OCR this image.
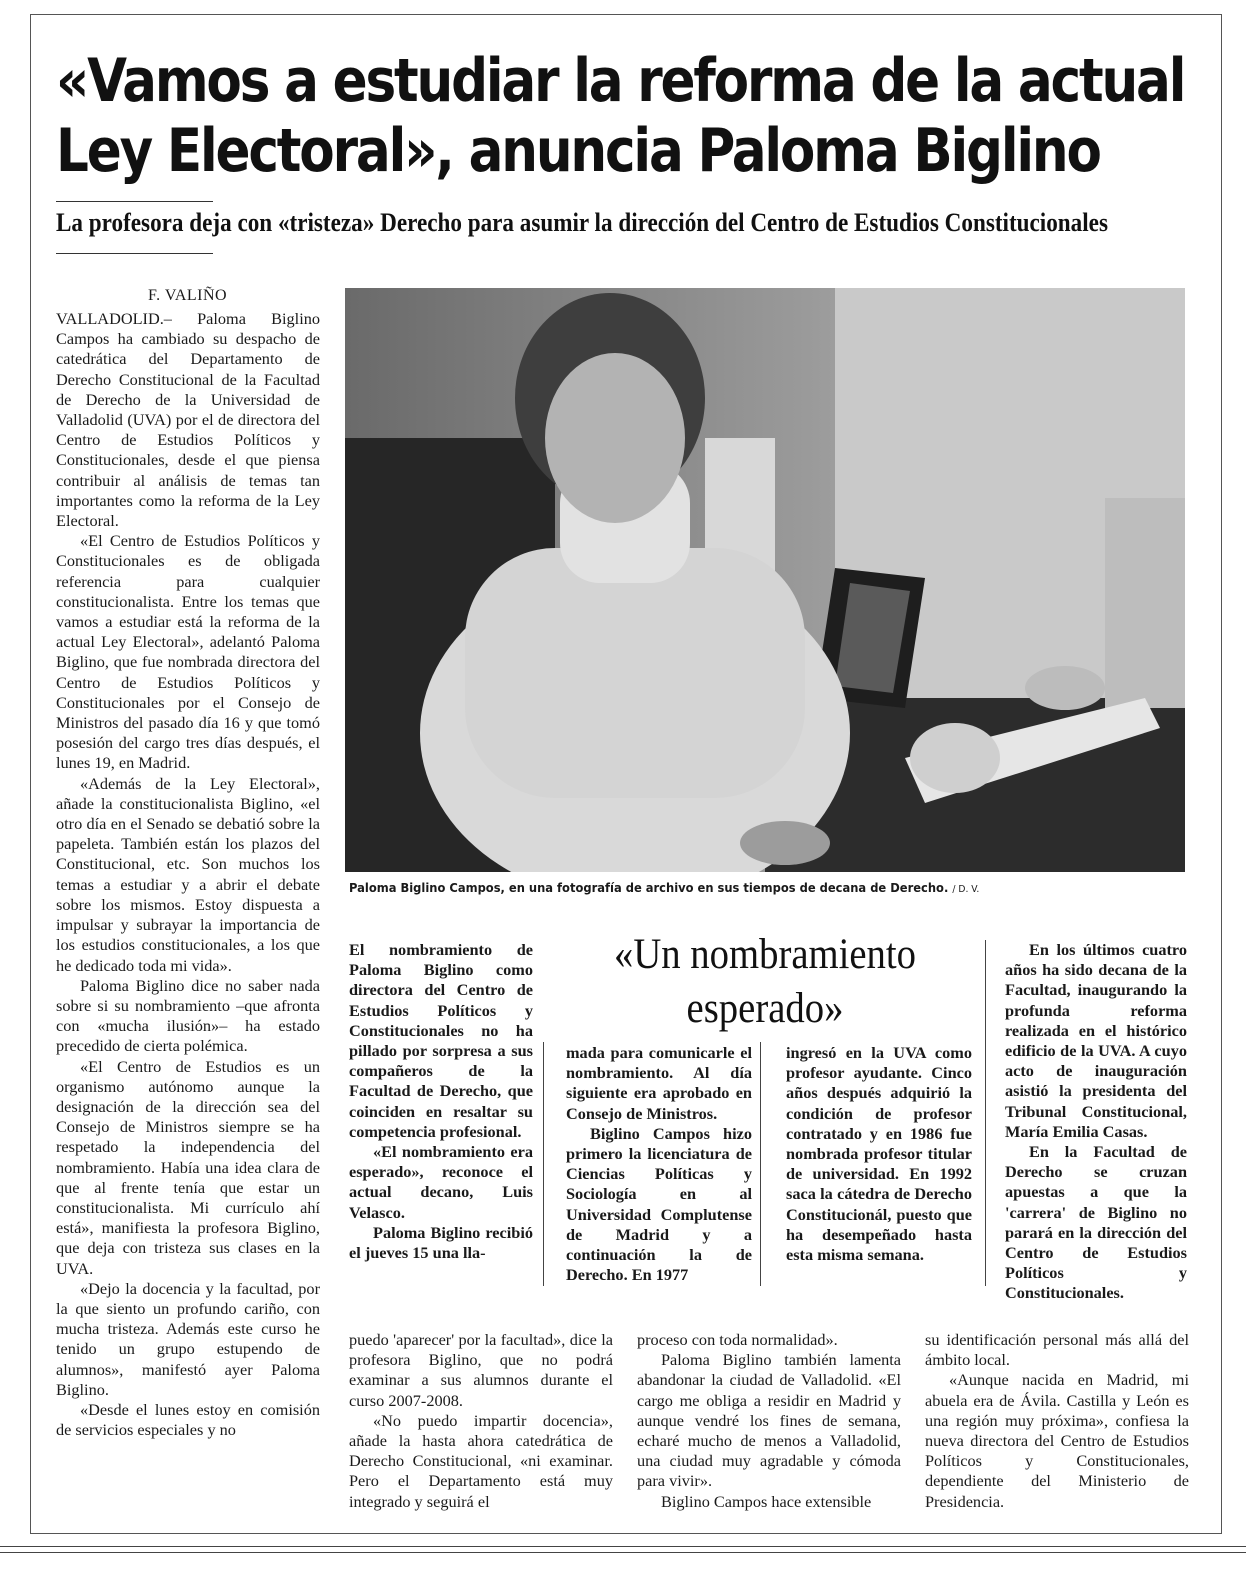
«Vamos a estudiar la reforma de la actual
Ley Electoral», anuncia Paloma Biglino
La profesora deja con «tristeza» Derecho para asumir la dirección del Centro de Estudios Constitucionales
F. VALIÑO

VALLADOLID.– Paloma Biglino Campos ha cambiado su despacho de catedrática del Departamento de Derecho Constitucional de la Facultad de Derecho de la Universidad de Valladolid (UVA) por el de directora del Centro de Estudios Políticos y Constitucionales, desde el que piensa contribuir al análisis de temas tan importantes como la reforma de la Ley Electoral.

«El Centro de Estudios Políticos y Constitucionales es de obligada referencia para cualquier constitucionalista. Entre los temas que vamos a estudiar está la reforma de la actual Ley Electoral», adelantó Paloma Biglino, que fue nombrada directora del Centro de Estudios Políticos y Constitucionales por el Consejo de Ministros del pasado día 16 y que tomó posesión del cargo tres días después, el lunes 19, en Madrid.

«Además de la Ley Electoral», añade la constitucionalista Biglino, «el otro día en el Senado se debatió sobre la papeleta. También están los plazos del Constitucional, etc. Son muchos los temas a estudiar y a abrir el debate sobre los mismos. Estoy dispuesta a impulsar y subrayar la importancia de los estudios constitucionales, a los que he dedicado toda mi vida».

Paloma Biglino dice no saber nada sobre si su nombramiento –que afronta con «mucha ilusión»– ha estado precedido de cierta polémica.

«El Centro de Estudios es un organismo autónomo aunque la designación de la dirección sea del Consejo de Ministros siempre se ha respetado la independencia del nombramiento. Había una idea clara de que al frente tenía que estar un constitucionalista. Mi currículo ahí está», manifiesta la profesora Biglino, que deja con tristeza sus clases en la UVA.

«Dejo la docencia y la facultad, por la que siento un profundo cariño, con mucha tristeza. Además este curso he tenido un grupo estupendo de alumnos», manifestó ayer Paloma Biglino.

«Desde el lunes estoy en comisión de servicios especiales y no

Paloma Biglino Campos, en una fotografía de archivo en sus tiempos de decana de Derecho. / D. V.

El nombramiento de Paloma Biglino como directora del Centro de Estudios Políticos y Constitucionales no ha pillado por sorpresa a sus compañeros de la Facultad de Derecho, que coinciden en resaltar su competencia profesional.

«El nombramiento era esperado», reconoce el actual decano, Luis Velasco.

Paloma Biglino recibió el jueves 15 una lla-

«Un nombramiento esperado»

mada para comunicarle el nombramiento. Al día siguiente era aprobado en Consejo de Ministros.

Biglino Campos hizo primero la licenciatura de Ciencias Políticas y Sociología en al Universidad Complutense de Madrid y a continuación la de Derecho. En 1977

ingresó en la UVA como profesor ayudante. Cinco años después adquirió la condición de profesor contratado y en 1986 fue nombrada profesor titular de universidad. En 1992 saca la cátedra de Derecho Constitucionál, puesto que ha desempeñado hasta esta misma semana.

En los últimos cuatro años ha sido decana de la Facultad, inaugurando la profunda reforma realizada en el histórico edificio de la UVA. A cuyo acto de inauguración asistió la presidenta del Tribunal Constitucional, María Emilia Casas.

En la Facultad de Derecho se cruzan apuestas a que la 'carrera' de Biglino no parará en la dirección del Centro de Estudios Políticos y Constitucionales.

puedo 'aparecer' por la facultad», dice la profesora Biglino, que no podrá examinar a sus alumnos durante el curso 2007-2008.

«No puedo impartir docencia», añade la hasta ahora catedrática de Derecho Constitucional, «ni examinar. Pero el Departamento está muy integrado y seguirá el

proceso con toda normalidad».

Paloma Biglino también lamenta abandonar la ciudad de Valladolid. «El cargo me obliga a residir en Madrid y aunque vendré los fines de semana, echaré mucho de menos a Valladolid, una ciudad muy agradable y cómoda para vivir».

Biglino Campos hace extensible

su identificación personal más allá del ámbito local.

«Aunque nacida en Madrid, mi abuela era de Ávila. Castilla y León es una región muy próxima», confiesa la nueva directora del Centro de Estudios Políticos y Constitucionales, dependiente del Ministerio de Presidencia.
